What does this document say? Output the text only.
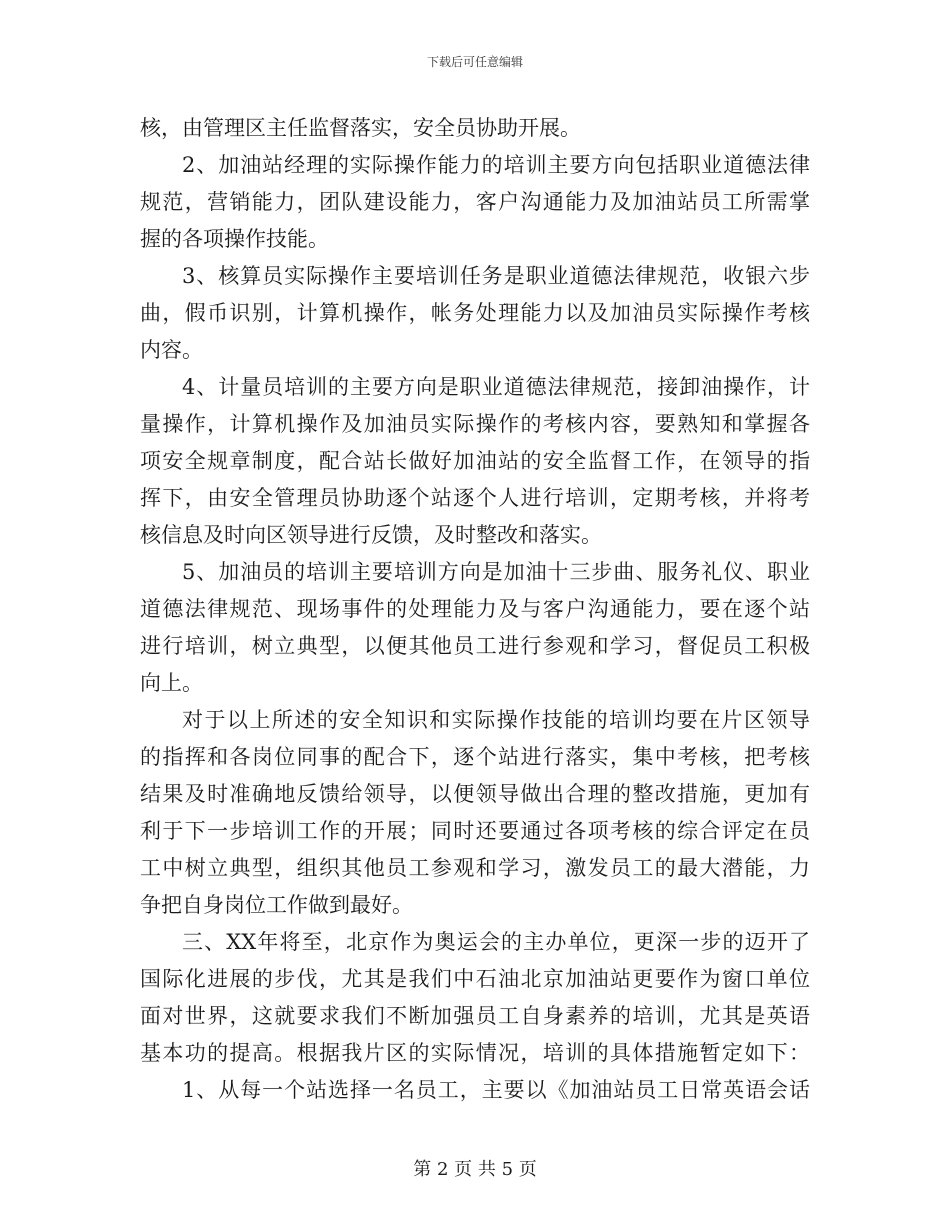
下载后可任意编辑
核，由管理区主任监督落实，安全员协助开展。
2、加油站经理的实际操作能力的培训主要方向包括职业道德法律
规范，营销能力，团队建设能力，客户沟通能力及加油站员工所需掌
握的各项操作技能。
3、核算员实际操作主要培训任务是职业道德法律规范，收银六步
曲，假币识别，计算机操作，帐务处理能力以及加油员实际操作考核
内容。
4、计量员培训的主要方向是职业道德法律规范，接卸油操作，计
量操作，计算机操作及加油员实际操作的考核内容，要熟知和掌握各
项安全规章制度，配合站长做好加油站的安全监督工作，在领导的指
挥下，由安全管理员协助逐个站逐个人进行培训，定期考核，并将考
核信息及时向区领导进行反馈，及时整改和落实。
5、加油员的培训主要培训方向是加油十三步曲、服务礼仪、职业
道德法律规范、现场事件的处理能力及与客户沟通能力，要在逐个站
进行培训，树立典型，以便其他员工进行参观和学习，督促员工积极
向上。
对于以上所述的安全知识和实际操作技能的培训均要在片区领导
的指挥和各岗位同事的配合下，逐个站进行落实，集中考核，把考核
结果及时准确地反馈给领导，以便领导做出合理的整改措施，更加有
利于下一步培训工作的开展；同时还要通过各项考核的综合评定在员
工中树立典型，组织其他员工参观和学习，激发员工的最大潜能，力
争把自身岗位工作做到最好。
三、XX年将至，北京作为奥运会的主办单位，更深一步的迈开了
国际化进展的步伐，尤其是我们中石油北京加油站更要作为窗口单位
面对世界，这就要求我们不断加强员工自身素养的培训，尤其是英语
基本功的提高。根据我片区的实际情况，培训的具体措施暂定如下：
1、从每一个站选择一名员工，主要以《加油站员工日常英语会话
第 2 页 共 5 页
